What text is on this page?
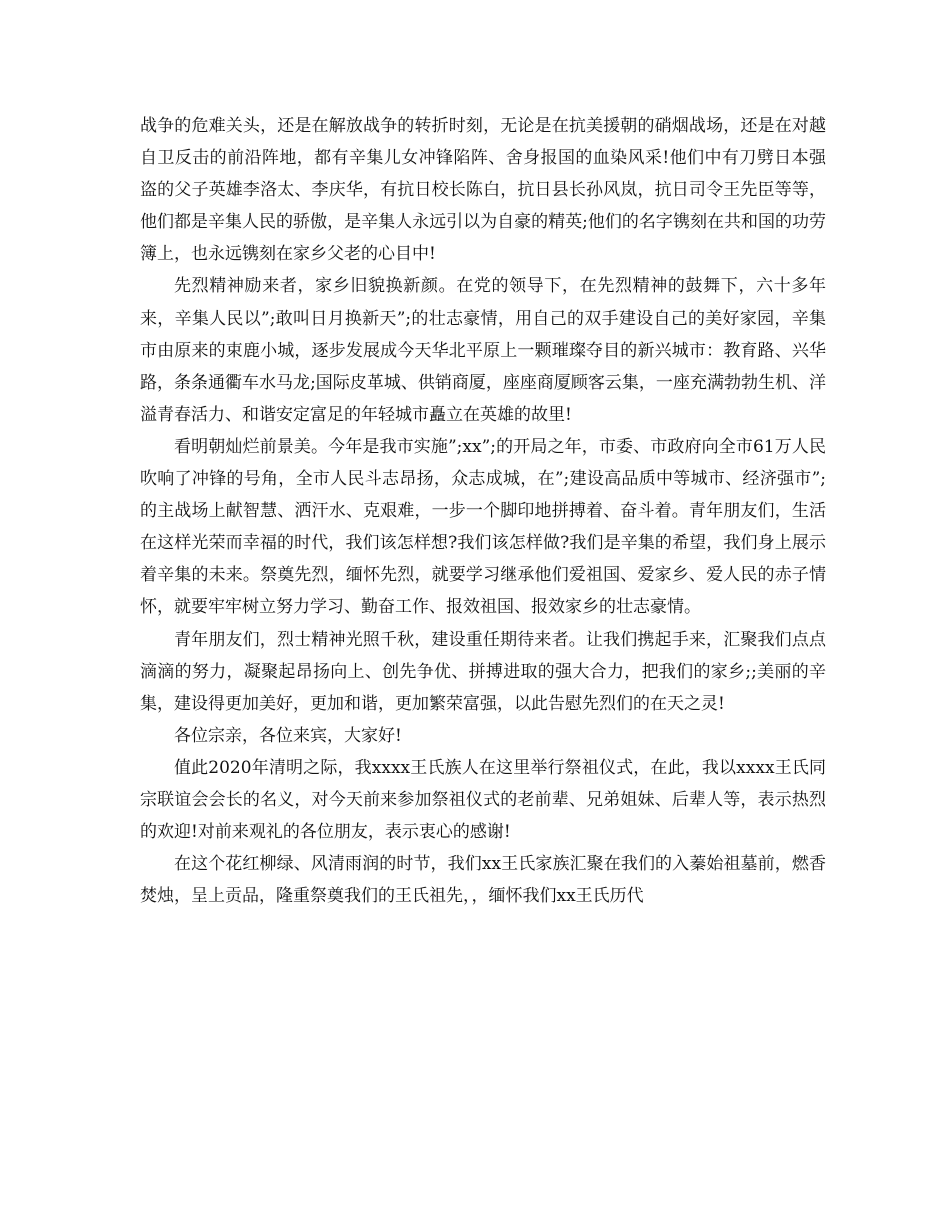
战争的危难关头，还是在解放战争的转折时刻，无论是在抗美援朝的硝烟战场，还是在对越自卫反击的前沿阵地，都有辛集儿女冲锋陷阵、舍身报国的血染风采!他们中有刀劈日本强盗的父子英雄李洛太、李庆华，有抗日校长陈白，抗日县长孙风岚，抗日司令王先臣等等，他们都是辛集人民的骄傲，是辛集人永远引以为自豪的精英;他们的名字镌刻在共和国的功劳簿上，也永远镌刻在家乡父老的心目中!

先烈精神励来者，家乡旧貌换新颜。在党的领导下，在先烈精神的鼓舞下，六十多年来，辛集人民以”;敢叫日月换新天”;的壮志豪情，用自己的双手建设自己的美好家园，辛集市由原来的束鹿小城，逐步发展成今天华北平原上一颗璀璨夺目的新兴城市：教育路、兴华路，条条通衢车水马龙;国际皮革城、供销商厦，座座商厦顾客云集，一座充满勃勃生机、洋溢青春活力、和谐安定富足的年轻城市矗立在英雄的故里!

看明朝灿烂前景美。今年是我市实施”;xx”;的开局之年，市委、市政府向全市61万人民吹响了冲锋的号角，全市人民斗志昂扬，众志成城，在”;建设高品质中等城市、经济强市”;的主战场上献智慧、洒汗水、克艰难，一步一个脚印地拼搏着、奋斗着。青年朋友们，生活在这样光荣而幸福的时代，我们该怎样想?我们该怎样做?我们是辛集的希望，我们身上展示着辛集的未来。祭奠先烈，缅怀先烈，就要学习继承他们爱祖国、爱家乡、爱人民的赤子情怀，就要牢牢树立努力学习、勤奋工作、报效祖国、报效家乡的壮志豪情。

青年朋友们，烈士精神光照千秋，建设重任期待来者。让我们携起手来，汇聚我们点点滴滴的努力，凝聚起昂扬向上、创先争优、拼搏进取的强大合力，把我们的家乡;;美丽的辛集，建设得更加美好，更加和谐，更加繁荣富强，以此告慰先烈们的在天之灵!

各位宗亲，各位来宾，大家好!

值此2020年清明之际，我xxxx王氏族人在这里举行祭祖仪式，在此，我以xxxx王氏同宗联谊会会长的名义，对今天前来参加祭祖仪式的老前辈、兄弟姐妹、后辈人等，表示热烈的欢迎!对前来观礼的各位朋友，表示衷心的感谢!

在这个花红柳绿、风清雨润的时节，我们xx王氏家族汇聚在我们的入蓁始祖墓前，燃香焚烛，呈上贡品，隆重祭奠我们的王氏祖先，，缅怀我们xx王氏历代
